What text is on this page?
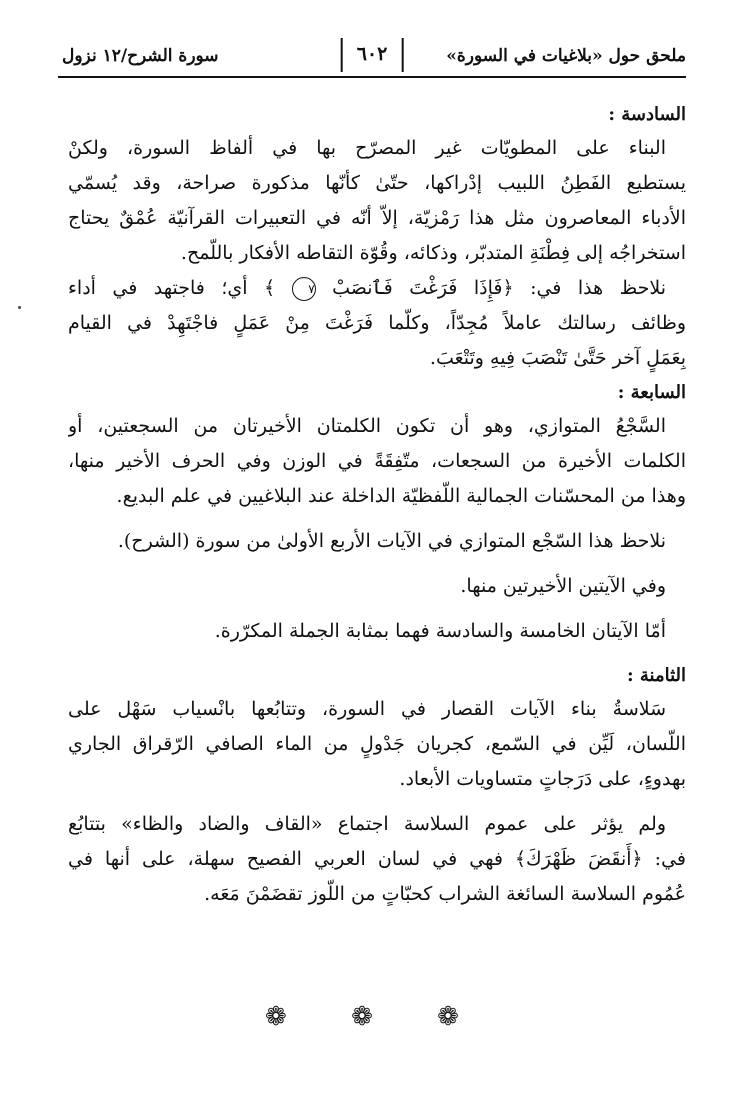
ملحق حول «بلاغيات في السورة»
٦٠٢
سورة الشرح/١٢ نزول
السادسة :
البناء على المطويّات غير المصرّح بها في ألفاظ السورة، ولكنْ
يستطيع الفَطِنُ اللبيب إدْراكها، حتّىٰ كأنّها مذكورة صراحة، وقد يُسمّي
الأدباء المعاصرون مثل هذا رَمْزيّة، إلاّ أنّه في التعبيرات القرآنيّة عُمْقٌ يحتاج
استخراجُه إلى فِطْنَةِ المتدبّر، وذكائه، وقُوّة التقاطه الأفكار باللّمح.
نلاحظ هذا في: ﴿فَإِذَا فَرَغْتَ فَٱنصَبْ ٧ ﴾ أي؛ فاجتهد في أداء
وظائف رسالتك عاملاً مُجِدّاً، وكلّما فَرَغْتَ مِنْ عَمَلٍ فاجْتَهِدْ في القيام
بِعَمَلٍ آخر حَتَّىٰ تَنْصَبَ فِيهِ وتَتْعَبَ.
السابعة :
السَّجْعُ المتوازي، وهو أن تكون الكلمتان الأخيرتان من السجعتين، أو
الكلمات الأخيرة من السجعات، متّفِقَةً في الوزن وفي الحرف الأخير منها،
وهذا من المحسّنات الجمالية اللّفظيّة الداخلة عند البلاغيين في علم البديع.
نلاحظ هذا السّجْع المتوازي في الآيات الأربع الأولىٰ من سورة (الشرح).
وفي الآيتين الأخيرتين منها.
أمّا الآيتان الخامسة والسادسة فهما بمثابة الجملة المكرّرة.
الثامنة :
سَلاسةُ بناء الآيات القصار في السورة، وتتابُعها بانْسياب سَهْل على
اللّسان، لَيِّن في السّمع، كجريان جَدْولٍ من الماء الصافي الرّقراق الجاري
بهدوءٍ، على دَرَجاتٍ متساويات الأبعاد.
ولم يؤثر على عموم السلاسة اجتماع «القاف والضاد والظاء» بتتابُع
في: ﴿أَنقَضَ ظَهْرَكَ﴾ فهي في لسان العربي الفصيح سهلة، على أنها في
عُمُوم السلاسة السائغة الشراب كحبّاتٍ من اللّوز تقضَمْنَ مَعَه.
❁ ❁ ❁
